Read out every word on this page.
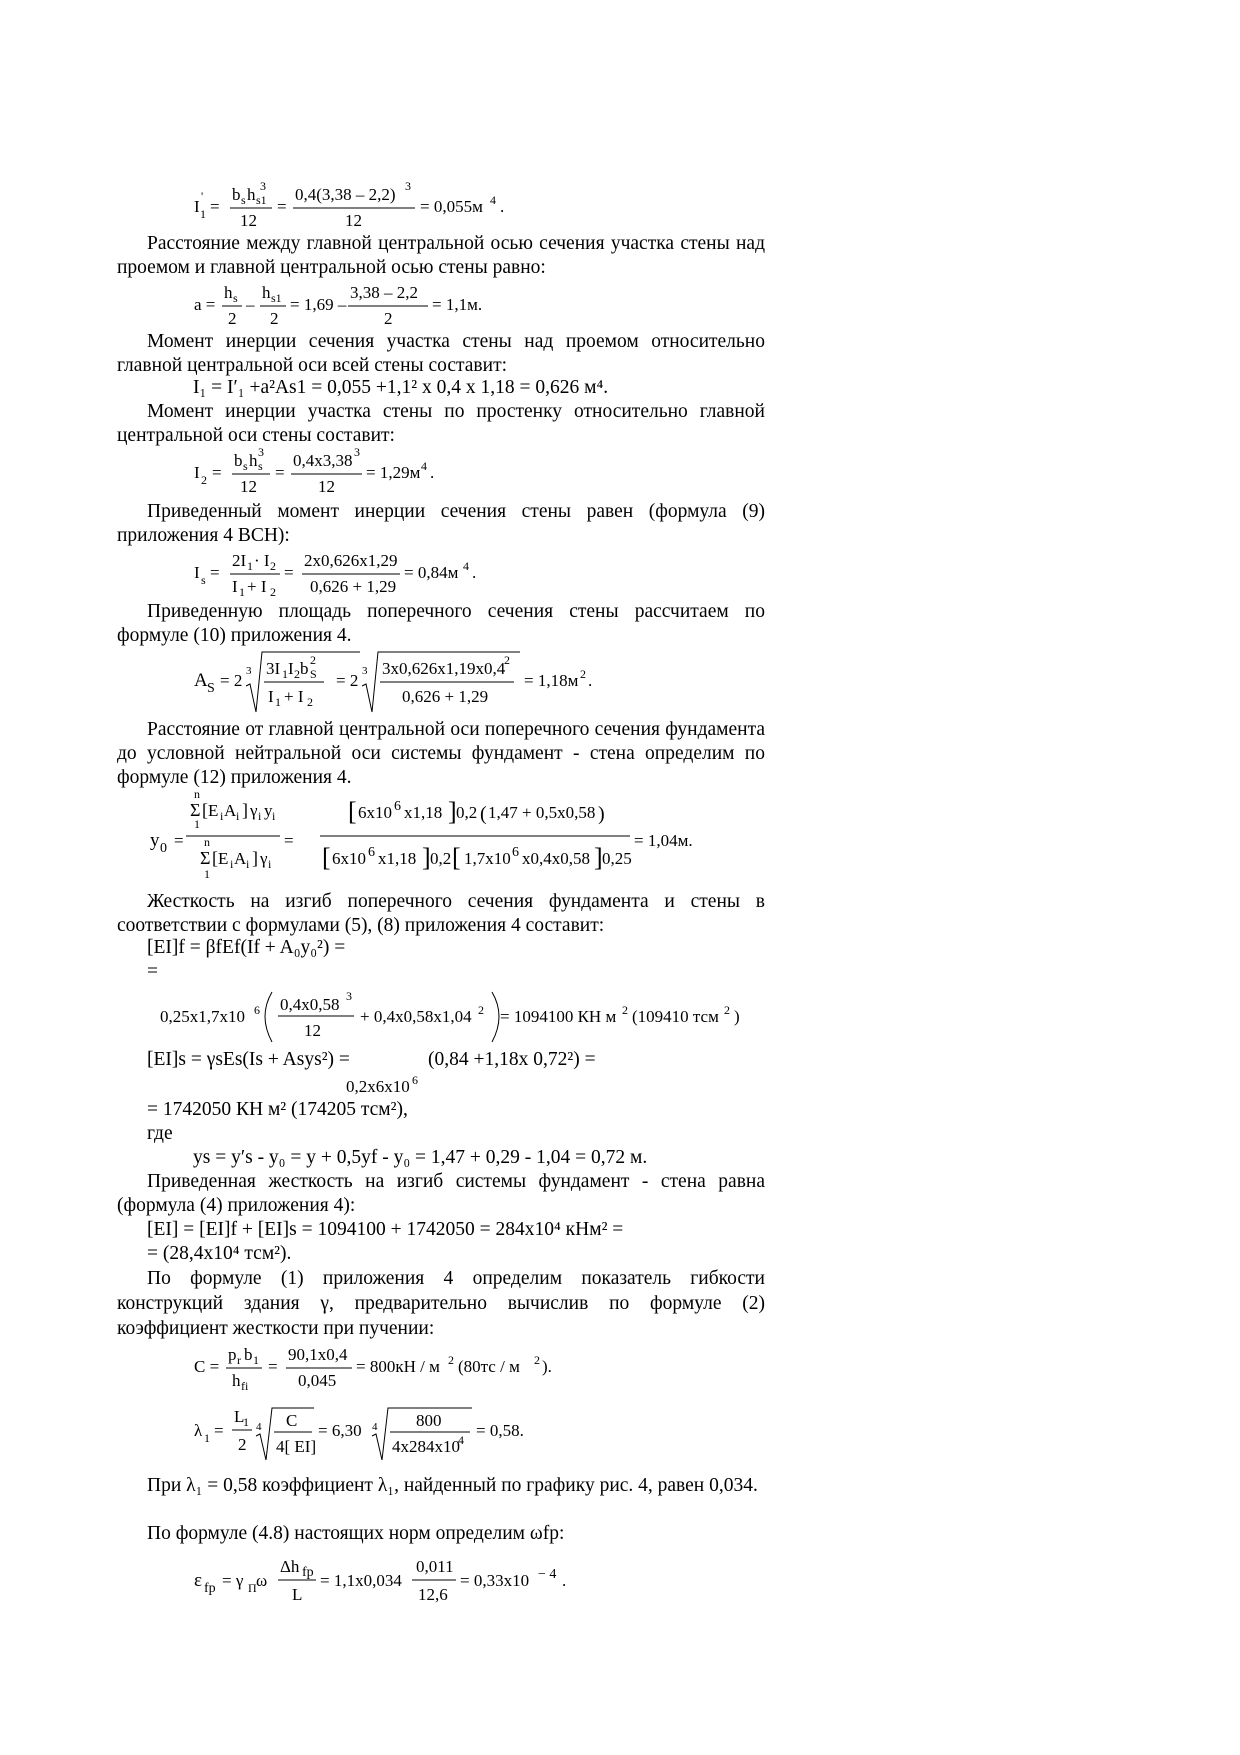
I 1
'
=
b s h s1
3
12
=
0,4(3,38 – 2,2) 3
12
= 0,055м 4 .

Расстояние между главной центральной осью сечения участка стены над проемом и главной центральной осью стены равно:

a =
h s
2
–
h s1
2
= 1,69 –
3,38 – 2,2
2
= 1,1м.

Момент инерции сечения участка стены над проемом относительно главной центральной оси всей стены составит:

I₁ = I′₁ +a²As1 = 0,055 +1,1² х 0,4 х 1,18 = 0,626 м⁴.

Момент инерции участка стены по простенку относительно главной центральной оси стены составит:

I 2 =
b s h s
3
12
=
0,4х3,38 3
12
= 1,29м 4 .

Приведенный момент инерции сечения стены равен (формула (9) приложения 4 ВСН):

I s =
2I 1 · I 2
I 1 + I 2
=
2х0,626х1,29
0,626 + 1,29
= 0,84м 4 .

Приведенную площадь поперечного сечения стены рассчитаем по формуле (10) приложения 4.

A S = 2 3 3I 1 I 2 b S
2
I 1 + I 2
= 2 3 3х0,626х1,19х0,4
2
0,626 + 1,29
= 1,18м 2 .

Расстояние от главной центральной оси поперечного сечения фундамента до условной нейтральной оси системы фундамент - стена определим по формуле (12) приложения 4.

y 0 =
n
Σ
1
[ E i A i ] γ i y i
n
Σ
1
[ E i A i ] γ i
=
[ 6х10 6 х1,18 ] 0,2 ( 1,47 + 0,5х0,58 )
[ 6х10 6 х1,18 ] 0,2 [ 1,7х10 6 х0,4х0,58 ] 0,25
= 1,04м.

Жесткость на изгиб поперечного сечения фундамента и стены в соответствии с формулами (5), (8) приложения 4 составит:

[EI]f = βfEf(If + A₀y₀²) =
=
0,25х1,7х10 6 0,4х0,58 3
12
+ 0,4х0,58х1,04 2 = 1094100 КН м 2 (109410 тсм 2 )
[EI]s = γsEs(Is + Asys²) =	(0,84 +1,18х 0,72²) =
0,2х6х10 6
= 1742050 КН м² (174205 тсм²),
где
ys = y′s - y₀ = y + 0,5yf - y₀ = 1,47 + 0,29 - 1,04 = 0,72 м.

Приведенная жесткость на изгиб системы фундамент - стена равна (формула (4) приложения 4):

[EI] = [EI]f + [EI]s = 1094100 + 1742050 = 284х10⁴ кНм² =
= (28,4х10⁴ тсм²).

По формуле (1) приложения 4 определим показатель гибкости конструкций здания γ, предварительно вычислив по формуле (2) коэффициент жесткости при пучении:

C =
p r b 1
h fi
=
90,1х0,4
0,045
= 800кН / м 2 (80тс / м 2 ).
λ 1 =
L
1
2
4 C
4[ EI]
= 6,30 4 800
4х284х10
4 = 0,58.

При λ₁ = 0,58 коэффициент λ₁, найденный по графику рис. 4, равен 0,034.

По формуле (4.8) настоящих норм определим ωfp:

ε fp = γ П ω
Δh fp
L
= 1,1х0,034
0,011
12,6
= 0,33х10 − 4 .
